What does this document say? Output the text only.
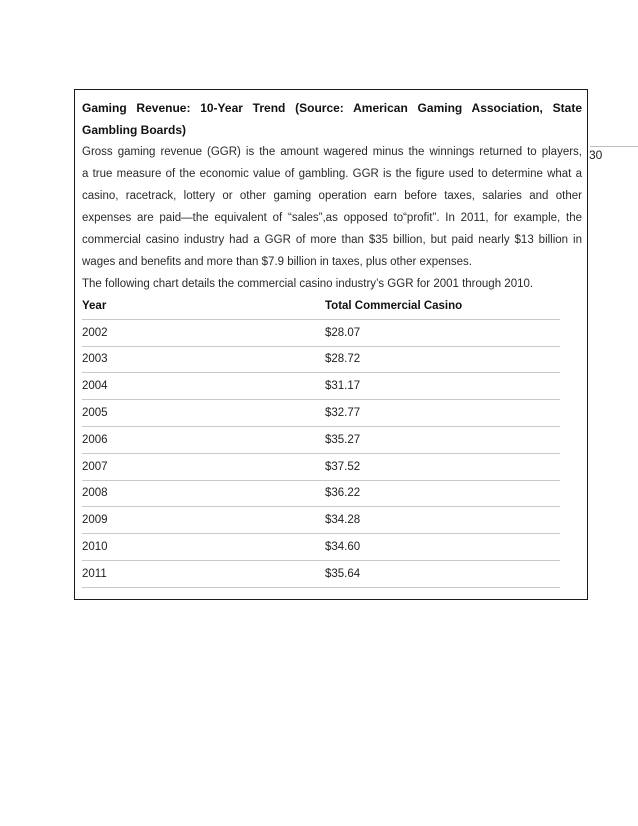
30
Gaming Revenue: 10-Year Trend (Source: American Gaming Association, State Gambling Boards)
Gross gaming revenue (GGR) is the amount wagered minus the winnings returned to players,
a true measure of the economic value of gambling. GGR is the figure used to determine what a
casino, racetrack, lottery or other gaming operation earn before taxes, salaries and other
expenses are paid—the equivalent of “sales”,as opposed to“profit”. In 2011, for example, the
commercial casino industry had a GGR of more than $35 billion, but paid nearly $13 billion in
wages and benefits and more than $7.9 billion in taxes, plus other expenses.
The following chart details the commercial casino industry’s GGR for 2001 through 2010.
Year	Total Commercial Casino
2002	$28.07
2003	$28.72
2004	$31.17
2005	$32.77
2006	$35.27
2007	$37.52
2008	$36.22
2009	$34.28
2010	$34.60
2011	$35.64
